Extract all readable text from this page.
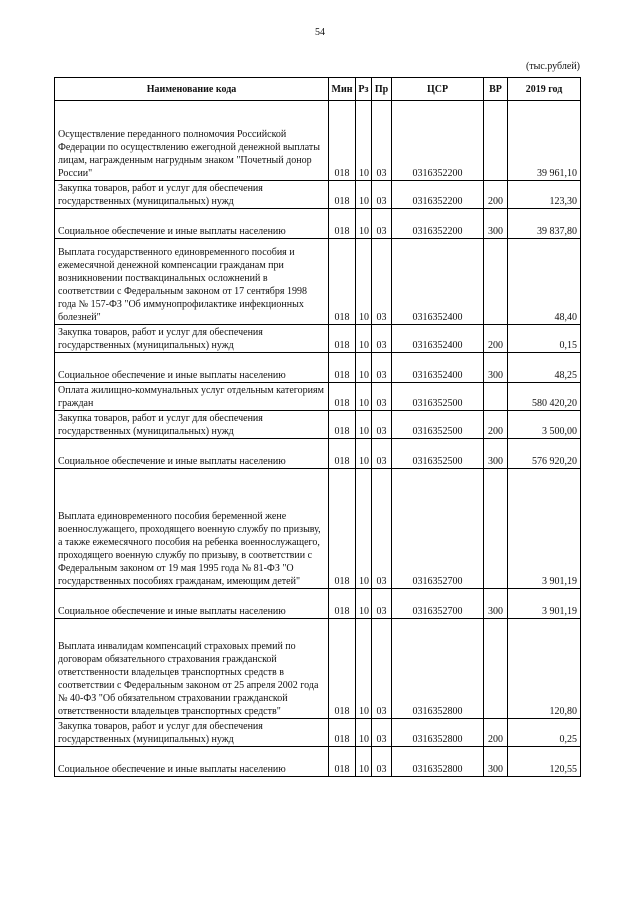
54
(тыс.рублей)
Наименование кода	Мин	Рз	Пр	ЦСР	ВР	2019 год
Осуществление переданного полномочия Российской Федерации по осуществлению ежегодной денежной выплаты лицам, награжденным нагрудным знаком "Почетный донор России"	018	10	03	0316352200		39 961,10
Закупка товаров, работ и услуг для обеспечения государственных (муниципальных) нужд	018	10	03	0316352200	200	123,30
Социальное обеспечение и иные выплаты населению	018	10	03	0316352200	300	39 837,80
Выплата государственного единовременного пособия и ежемесячной денежной компенсации гражданам при возникновении поствакцинальных осложнений в соответствии с Федеральным законом от 17 сентября 1998 года № 157-ФЗ "Об иммунопрофилактике инфекционных болезней"	018	10	03	0316352400		48,40
Закупка товаров, работ и услуг для обеспечения государственных (муниципальных) нужд	018	10	03	0316352400	200	0,15
Социальное обеспечение и иные выплаты населению	018	10	03	0316352400	300	48,25
Оплата жилищно-коммунальных услуг отдельным категориям граждан	018	10	03	0316352500		580 420,20
Закупка товаров, работ и услуг для обеспечения государственных (муниципальных) нужд	018	10	03	0316352500	200	3 500,00
Социальное обеспечение и иные выплаты населению	018	10	03	0316352500	300	576 920,20
Выплата единовременного пособия беременной жене военнослужащего, проходящего военную службу по призыву, а также ежемесячного пособия на ребенка военнослужащего, проходящего военную службу по призыву, в соответствии с Федеральным законом от 19 мая 1995 года № 81-ФЗ "О государственных пособиях гражданам, имеющим детей"	018	10	03	0316352700		3 901,19
Социальное обеспечение и иные выплаты населению	018	10	03	0316352700	300	3 901,19
Выплата инвалидам компенсаций страховых премий по договорам обязательного страхования гражданской ответственности владельцев транспортных средств в соответствии с Федеральным законом от 25 апреля 2002 года № 40-ФЗ "Об обязательном страховании гражданской ответственности владельцев транспортных средств"	018	10	03	0316352800		120,80
Закупка товаров, работ и услуг для обеспечения государственных (муниципальных) нужд	018	10	03	0316352800	200	0,25
Социальное обеспечение и иные выплаты населению	018	10	03	0316352800	300	120,55
